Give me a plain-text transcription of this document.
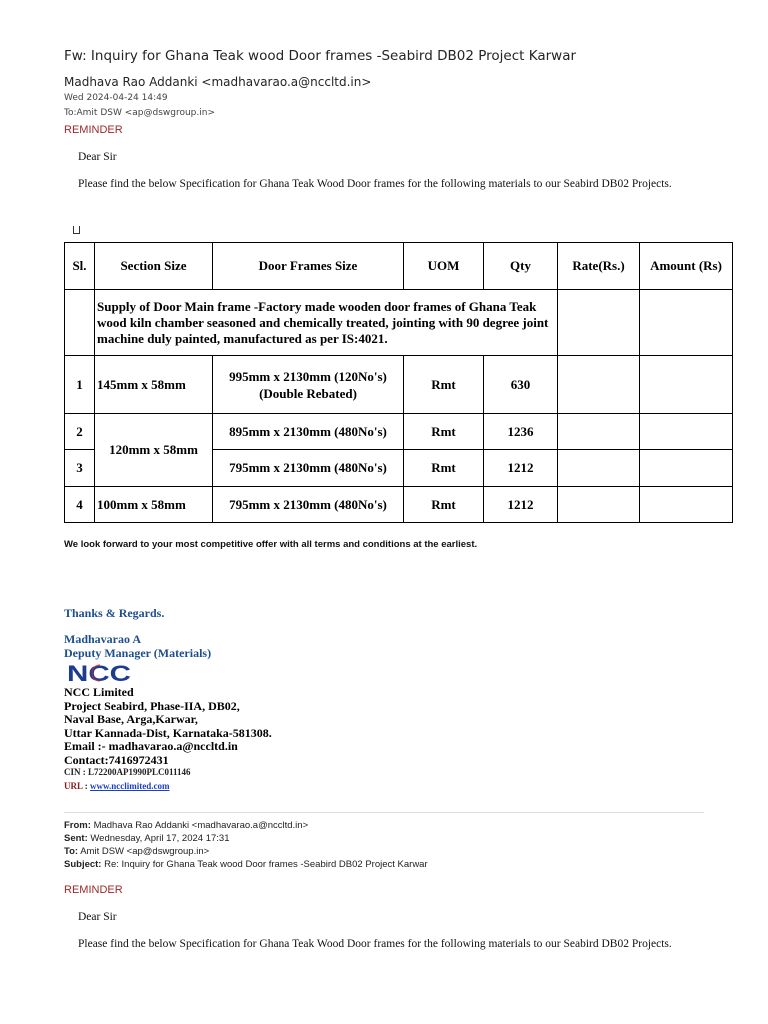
Fw: Inquiry for Ghana Teak wood Door frames -Seabird DB02 Project Karwar
Madhava Rao Addanki <madhavarao.a@nccltd.in>
Wed 2024-04-24 14:49
To:Amit DSW <ap@dswgroup.in>
REMINDER
Dear Sir
Please find the below Specification for Ghana Teak Wood Door frames for the following materials to our Seabird DB02 Projects.
Sl.	Section Size	Door Frames Size	UOM	Qty	Rate(Rs.)	Amount (Rs)
	Supply of Door Main frame -Factory made wooden door frames of Ghana Teak wood kiln chamber seasoned and chemically treated, jointing with 90 degree joint machine duly painted, manufactured as per IS:4021.					
1	145mm x 58mm	995mm x 2130mm (120No's) (Double Rebated)	Rmt	630		
2	120mm x 58mm	895mm x 2130mm (480No's)	Rmt	1236		
3		795mm x 2130mm (480No's)	Rmt	1212		
4	100mm x 58mm	795mm x 2130mm (480No's)	Rmt	1212		
We look forward to your most competitive offer with all terms and conditions at the earliest.
Thanks & Regards.
Madhavarao A
Deputy Manager (Materials)
NCC
NCC Limited
Project Seabird, Phase-IIA, DB02,
Naval Base, Arga,Karwar,
Uttar Kannada-Dist, Karnataka-581308.
Email :- madhavarao.a@nccltd.in
Contact:7416972431
CIN : L72200AP1990PLC011146
URL : www.ncclimited.com
From: Madhava Rao Addanki <madhavarao.a@nccltd.in>
Sent: Wednesday, April 17, 2024 17:31
To: Amit DSW <ap@dswgroup.in>
Subject: Re: Inquiry for Ghana Teak wood Door frames -Seabird DB02 Project Karwar
REMINDER
Dear Sir
Please find the below Specification for Ghana Teak Wood Door frames for the following materials to our Seabird DB02 Projects.
